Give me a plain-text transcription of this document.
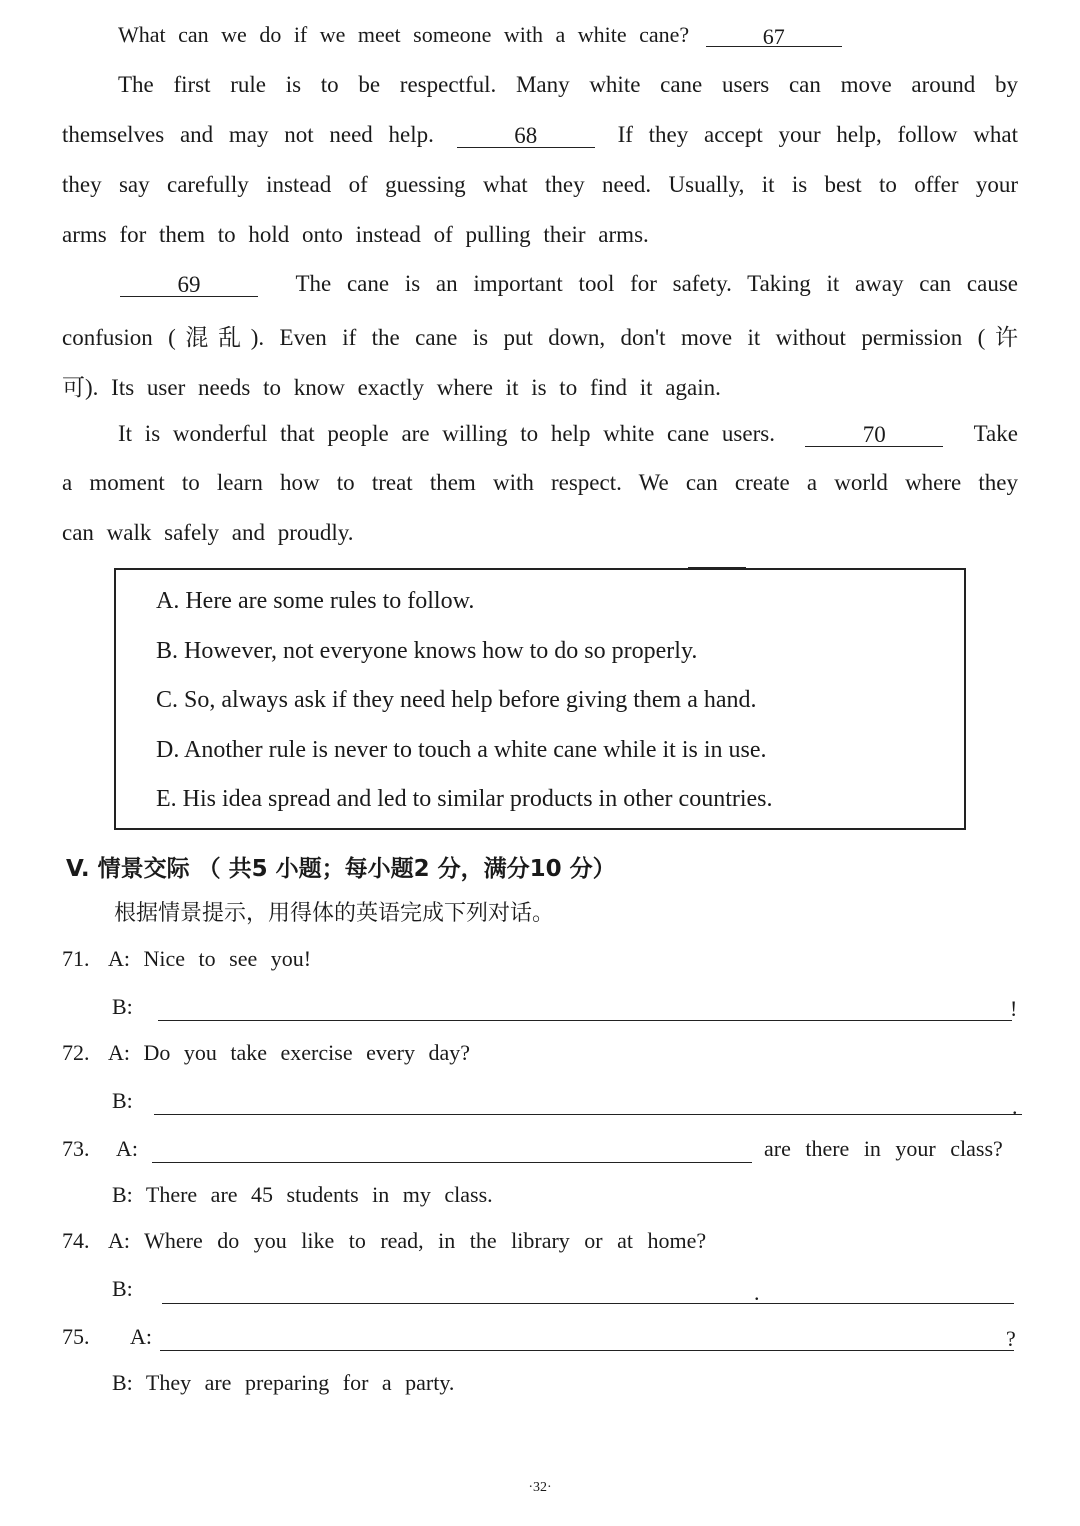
What can we do if we meet someone with a white cane?	67
The first rule is to be respectful. Many white cane users can move around by
themselves and may not need help.	68	If they accept your help, follow what
they say carefully instead of guessing what they need. Usually, it is best to offer your
arms for them to hold onto instead of pulling their arms.
69	The cane is an important tool for safety. Taking it away can cause
confusion (混乱). Even if the cane is put down, don't move it without permission (许
可). Its user needs to know exactly where it is to find it again.
It is wonderful that people are willing to help white cane users.	70	Take
a moment to learn how to treat them with respect. We can create a world where they
can walk safely and proudly.
A. Here are some rules to follow.
B. However, not everyone knows how to do so properly.
C. So, always ask if they need help before giving them a hand.
D. Another rule is never to touch a white cane while it is in use.
E. His idea spread and led to similar products in other countries.
V. 情景交际 （ 共5 小题；每小题2 分，满分10 分）
根据情景提示，用得体的英语完成下列对话。
71. A: Nice to see you!
B:	!
72. A: Do you take exercise every day?
B:	.
73.	A:	are there in your class?
B: There are 45 students in my class.
74. A: Where do you like to read, in the library or at home?
B:	.
75.	A:	?
B: They are preparing for a party.
·32·
